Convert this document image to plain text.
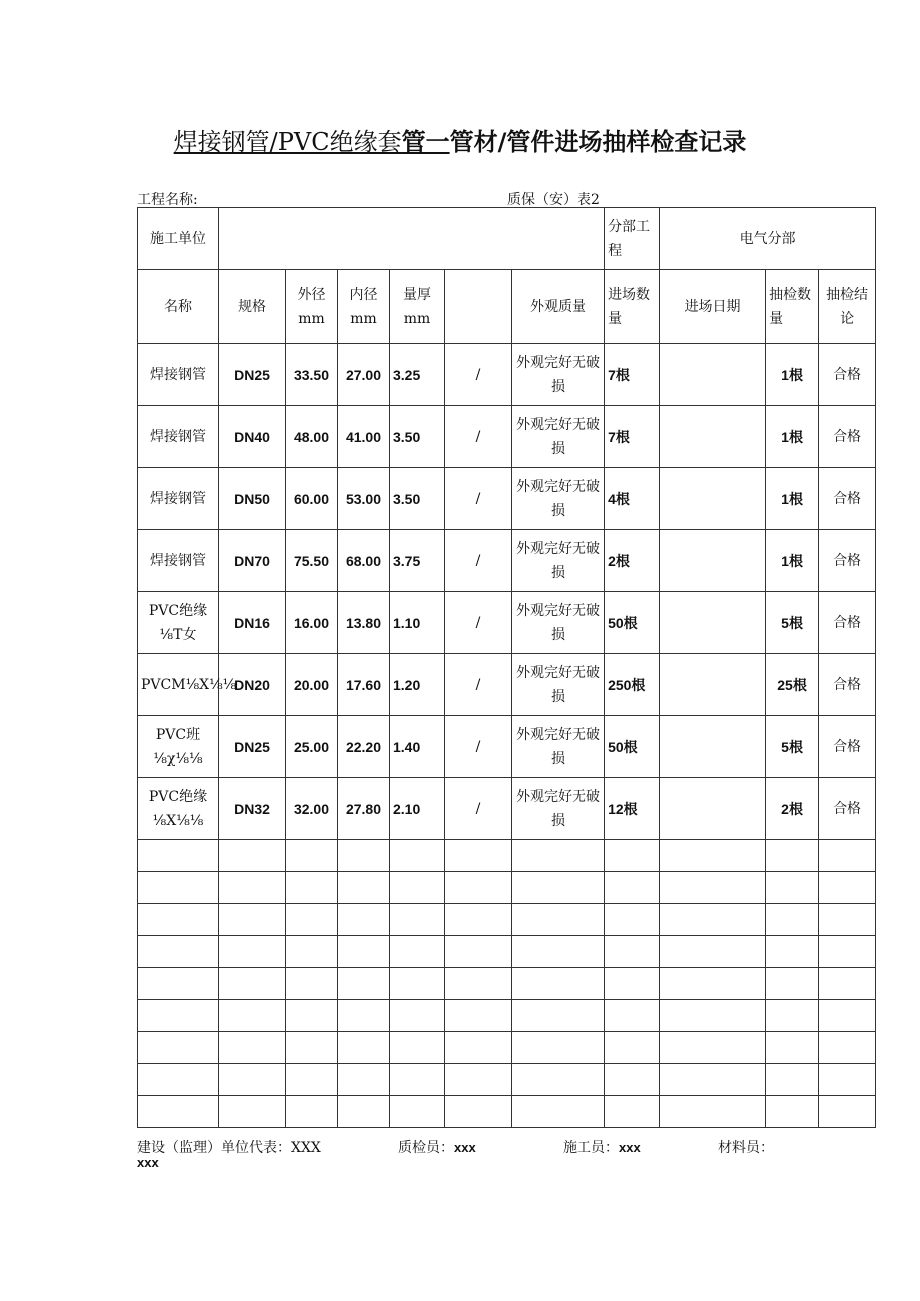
焊接钢管/PVC绝缘套管一管材/管件进场抽样检查记录
工程名称:	质保（安）表2
施工单位							分部工程	电气分部		
名称	规格	外径mm	内径mm	量厚mm		外观质量	进场数量	进场日期	抽检数量	抽检结论
焊接钢管	DN25	33.50	27.00	3.25	/	外观完好无破损	7根		1根	合格
焊接钢管	DN40	48.00	41.00	3.50	/	外观完好无破损	7根		1根	合格
焊接钢管	DN50	60.00	53.00	3.50	/	外观完好无破损	4根		1根	合格
焊接钢管	DN70	75.50	68.00	3.75	/	外观完好无破损	2根		1根	合格
PVC绝缘⅛T女	DN16	16.00	13.80	1.10	/	外观完好无破损	50根		5根	合格
PVCM⅛X⅛⅛	DN20	20.00	17.60	1.20	/	外观完好无破损	250根		25根	合格
PVC班⅛χ⅛⅛	DN25	25.00	22.20	1.40	/	外观完好无破损	50根		5根	合格
PVC绝缘⅛X⅛⅛	DN32	32.00	27.80	2.10	/	外观完好无破损	12根		2根	合格

建设（监理）单位代表：XXX	质检员：xxx	施工员：xxx	材料员：
xxx
